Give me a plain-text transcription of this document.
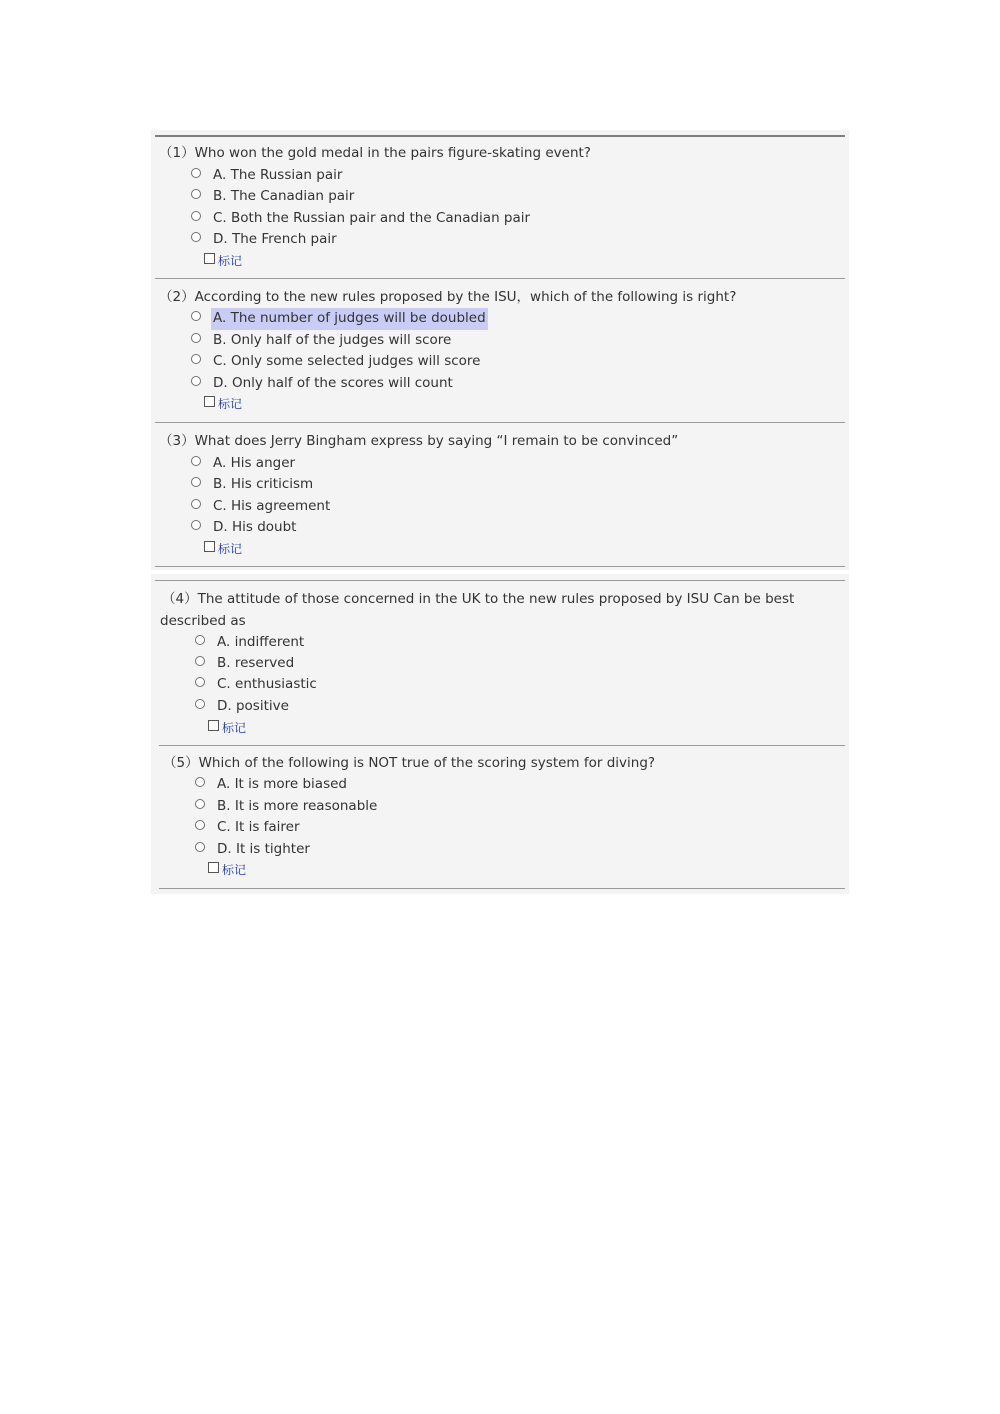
（1）Who won the gold medal in the pairs figure-skating event?
A. The Russian pair
B. The Canadian pair
C. Both the Russian pair and the Canadian pair
D. The French pair
标记
（2）According to the new rules proposed by the ISU，which of the following is right?
A. The number of judges will be doubled
B. Only half of the judges will score
C. Only some selected judges will score
D. Only half of the scores will count
标记
（3）What does Jerry Bingham express by saying “I remain to be convinced”
A. His anger
B. His criticism
C. His agreement
D. His doubt
标记
（4）The attitude of those concerned in the UK to the new rules proposed by ISU Can be best described as
A. indifferent
B. reserved
C. enthusiastic
D. positive
标记
（5）Which of the following is NOT true of the scoring system for diving?
A. It is more biased
B. It is more reasonable
C. It is fairer
D. It is tighter
标记
